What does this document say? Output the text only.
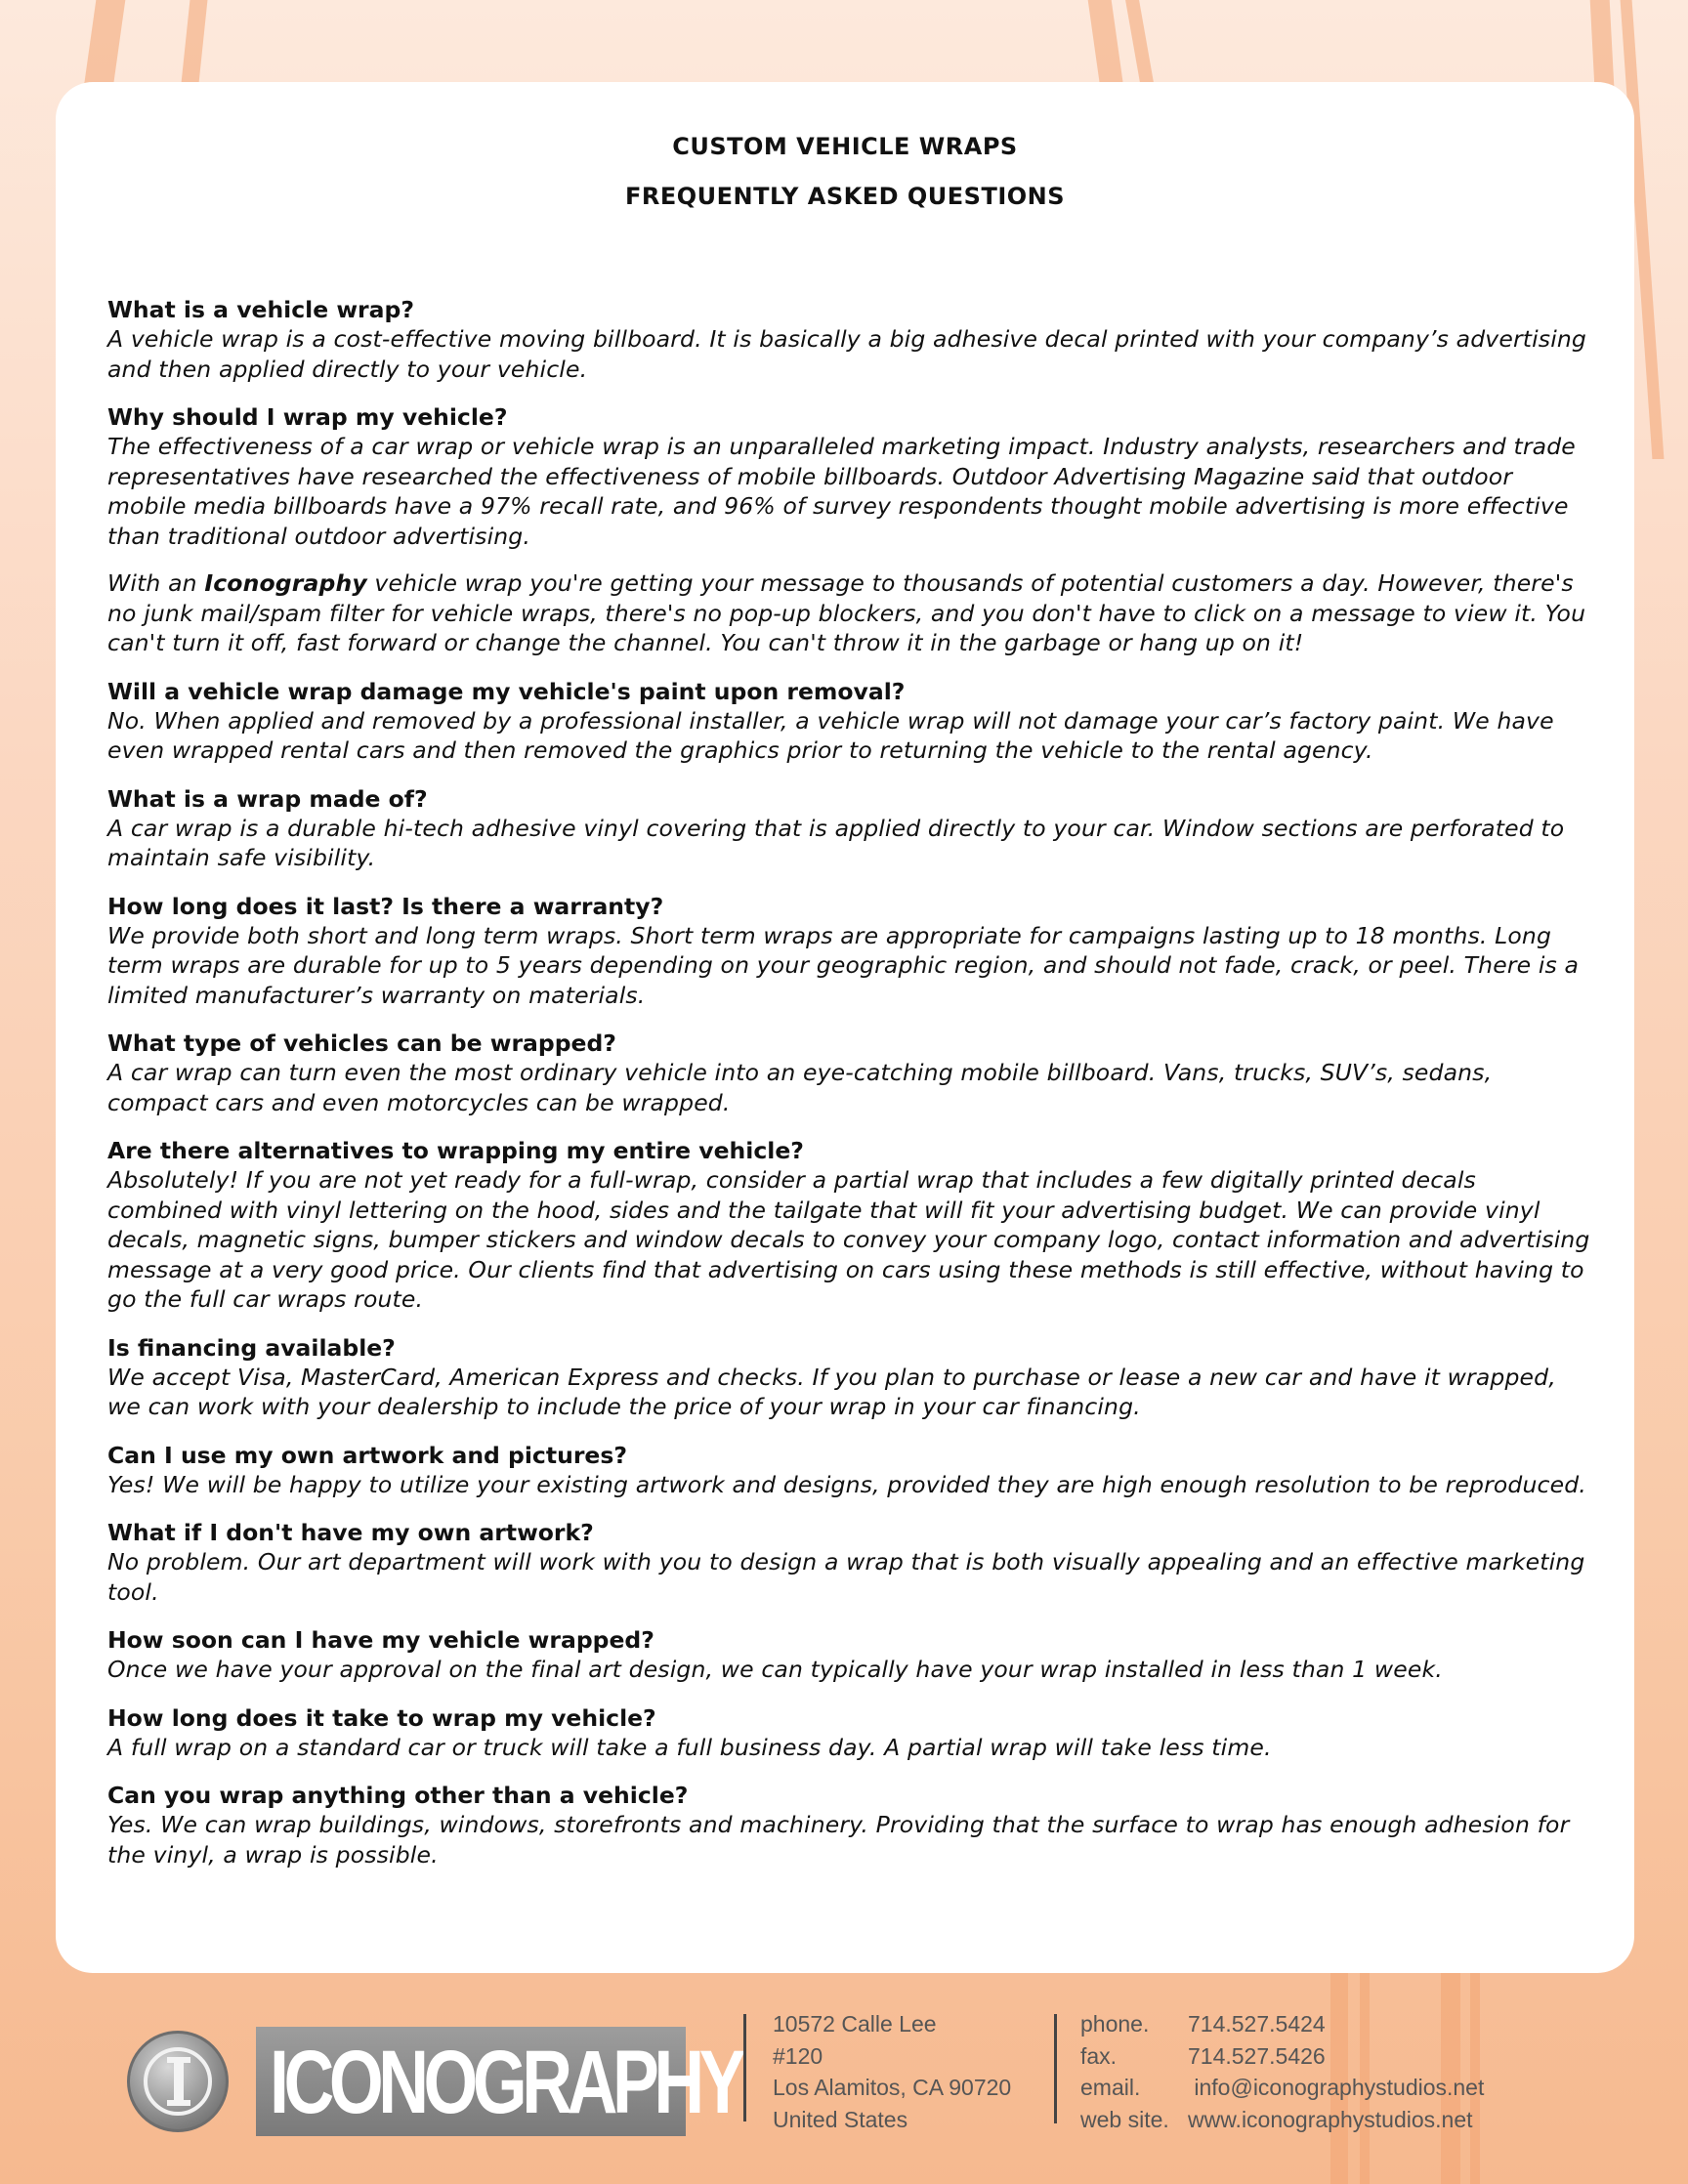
CUSTOM VEHICLE WRAPS
FREQUENTLY ASKED QUESTIONS

What is a vehicle wrap?

A vehicle wrap is a cost-effective moving billboard. It is basically a big adhesive decal printed with your company’s advertising and then applied directly to your vehicle.

Why should I wrap my vehicle?

The effectiveness of a car wrap or vehicle wrap is an unparalleled marketing impact. Industry analysts, researchers and trade representatives have researched the effectiveness of mobile billboards. Outdoor Advertising Magazine said that outdoor mobile media billboards have a 97% recall rate, and 96% of survey respondents thought mobile advertising is more effective than traditional outdoor advertising.

With an Iconography vehicle wrap you're getting your message to thousands of potential customers a day. However, there's no junk mail/spam filter for vehicle wraps, there's no pop-up blockers, and you don't have to click on a message to view it. You can't turn it off, fast forward or change the channel. You can't throw it in the garbage or hang up on it!

Will a vehicle wrap damage my vehicle's paint upon removal?

No. When applied and removed by a professional installer, a vehicle wrap will not damage your car’s factory paint. We have even wrapped rental cars and then removed the graphics prior to returning the vehicle to the rental agency.

What is a wrap made of?

A car wrap is a durable hi-tech adhesive vinyl covering that is applied directly to your car. Window sections are perforated to maintain safe visibility.

How long does it last? Is there a warranty?

We provide both short and long term wraps. Short term wraps are appropriate for campaigns lasting up to 18 months. Long term wraps are durable for up to 5 years depending on your geographic region, and should not fade, crack, or peel. There is a limited manufacturer’s warranty on materials.

What type of vehicles can be wrapped?

A car wrap can turn even the most ordinary vehicle into an eye-catching mobile billboard. Vans, trucks, SUV’s, sedans, compact cars and even motorcycles can be wrapped.

Are there alternatives to wrapping my entire vehicle?

Absolutely! If you are not yet ready for a full-wrap, consider a partial wrap that includes a few digitally printed decals combined with vinyl lettering on the hood, sides and the tailgate that will fit your advertising budget. We can provide vinyl decals, magnetic signs, bumper stickers and window decals to convey your company logo, contact information and advertising message at a very good price. Our clients find that advertising on cars using these methods is still effective, without having to go the full car wraps route.

Is financing available?

We accept Visa, MasterCard, American Express and checks. If you plan to purchase or lease a new car and have it wrapped, we can work with your dealership to include the price of your wrap in your car financing.

Can I use my own artwork and pictures?

Yes! We will be happy to utilize your existing artwork and designs, provided they are high enough resolution to be reproduced.

What if I don't have my own artwork?

No problem. Our art department will work with you to design a wrap that is both visually appealing and an effective marketing tool.

How soon can I have my vehicle wrapped?

Once we have your approval on the final art design, we can typically have your wrap installed in less than 1 week.

How long does it take to wrap my vehicle?

A full wrap on a standard car or truck will take a full business day. A partial wrap will take less time.

Can you wrap anything other than a vehicle?

Yes. We can wrap buildings, windows, storefronts and machinery. Providing that the surface to wrap has enough adhesion for the vinyl, a wrap is possible.

ICONOGRAPHY
10572 Calle Lee
#120
Los Alamitos, CA 90720
United States
phone.	714.527.5424
fax.	714.527.5426
email.	info@iconographystudios.net
web site. www.iconographystudios.net
